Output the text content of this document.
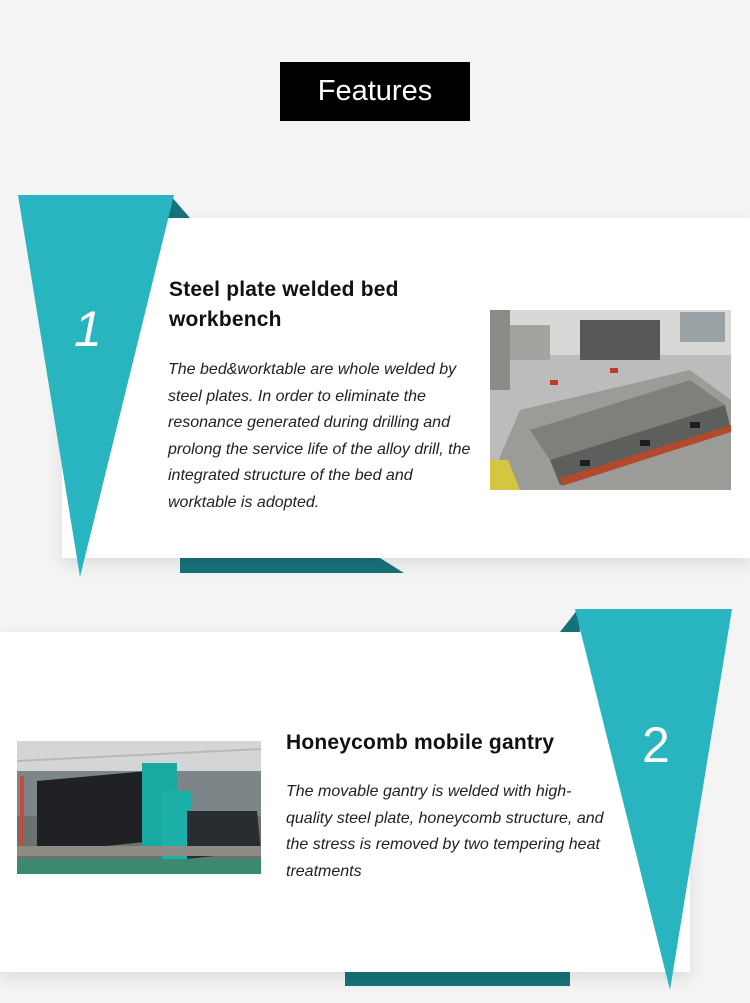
Features
1
Steel plate welded bed workbench
The bed&worktable are whole welded by steel plates. In order to eliminate the resonance generated during drilling and prolong the service life of the alloy drill, the integrated structure of the bed and worktable is adopted.
2
Honeycomb mobile gantry
The movable gantry is welded with high-quality steel plate, honeycomb structure, and the stress is removed by two tempering heat treatments
